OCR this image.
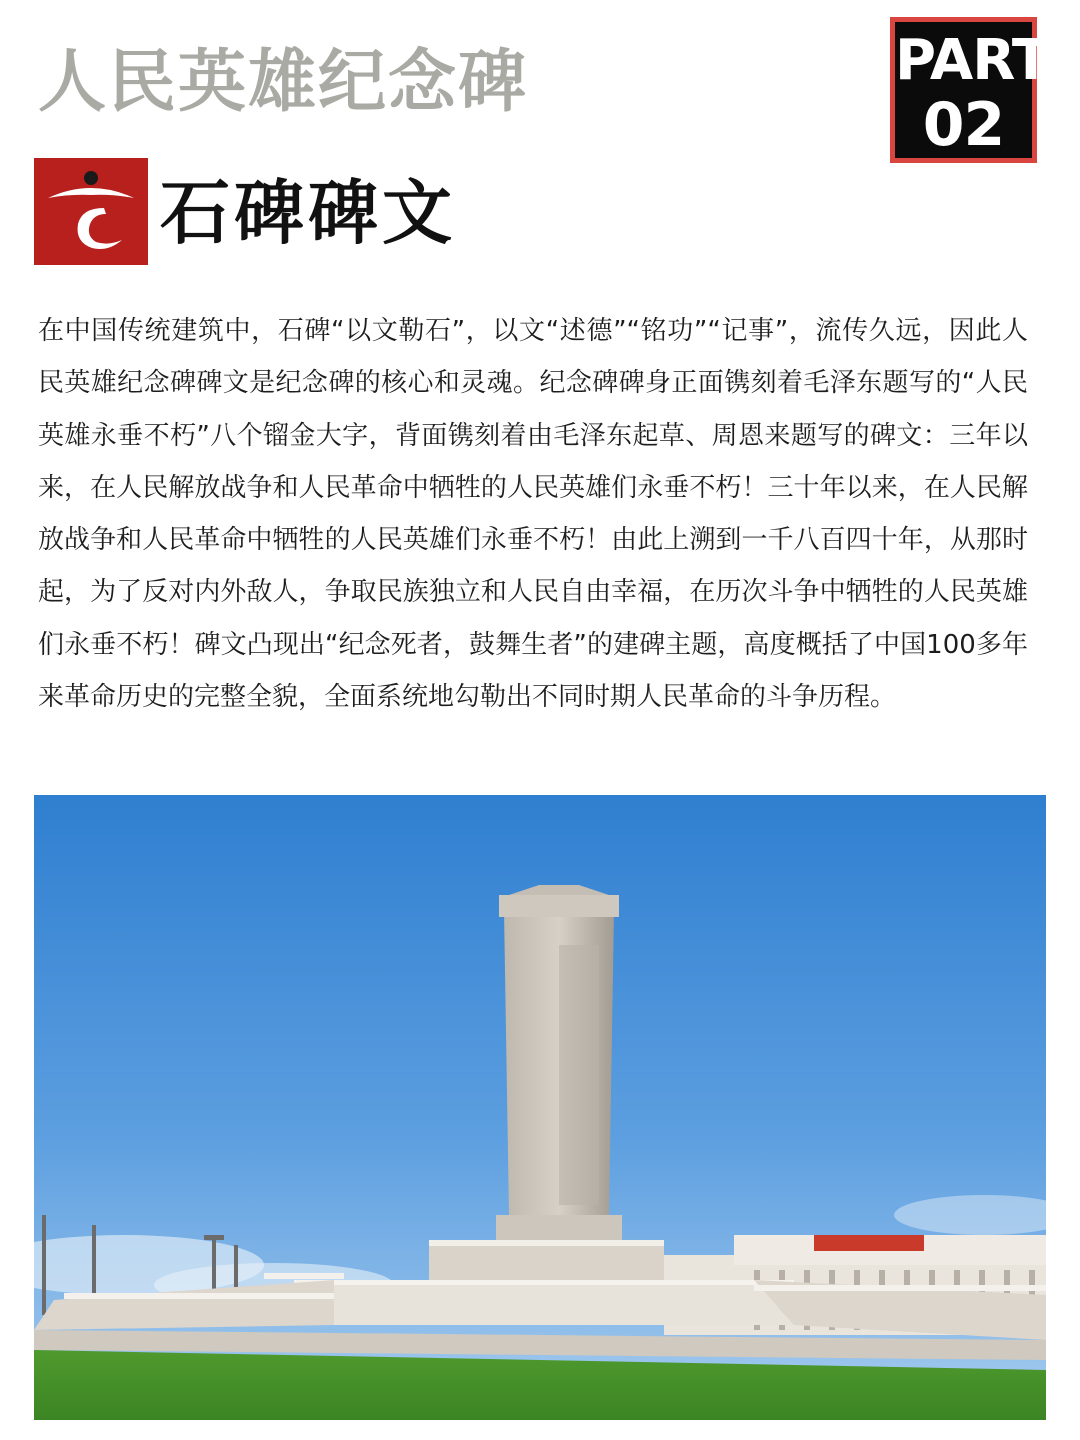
人民英雄纪念碑	PART
02
石碑碑文

在中国传统建筑中，石碑“以文勒石”，以文“述德”“铭功”“记事”，流传久远，因此人民英雄纪念碑碑文是纪念碑的核心和灵魂。纪念碑碑身正面镌刻着毛泽东题写的“人民英雄永垂不朽”八个镏金大字，背面镌刻着由毛泽东起草、周恩来题写的碑文：三年以来，在人民解放战争和人民革命中牺牲的人民英雄们永垂不朽！三十年以来，在人民解放战争和人民革命中牺牲的人民英雄们永垂不朽！由此上溯到一千八百四十年，从那时起，为了反对内外敌人，争取民族独立和人民自由幸福，在历次斗争中牺牲的人民英雄们永垂不朽！碑文凸现出“纪念死者，鼓舞生者”的建碑主题，高度概括了中国100多年来革命历史的完整全貌，全面系统地勾勒出不同时期人民革命的斗争历程。
